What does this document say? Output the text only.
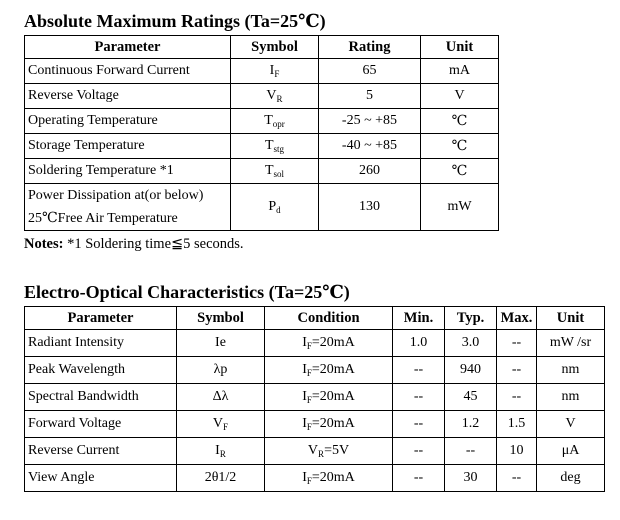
Absolute Maximum Ratings (Ta=25℃)
Parameter	Symbol	Rating	Unit
Continuous Forward Current	$I_F$	65	mA
Reverse Voltage	$V_R$	5	V
Operating Temperature	$T_{opr}$	-25 ~ +85	℃
Storage Temperature	$T_{stg}$	-40 ~ +85	℃
Soldering Temperature *1	$T_{sol}$	260	℃
Power Dissipation at(or below)
25℃Free Air Temperature	$P_d$	130	mW
Notes: *1 Soldering time≦5 seconds.
Electro-Optical Characteristics (Ta=25℃)
Parameter	Symbol	Condition	Min.	Typ.	Max.	Unit
Radiant Intensity	Ie	$I_F=20mA$	1.0	3.0	--	mW /sr
Peak Wavelength	λp	$I_F=20mA$	--	940	--	nm
Spectral Bandwidth	Δλ	$I_F=20mA$	--	45	--	nm
Forward Voltage	$V_F$	$I_F=20mA$	--	1.2	1.5	V
Reverse Current	$I_R$	$V_R=5V$	--	--	10	μA
View Angle	2θ1/2	$I_F=20mA$	--	30	--	deg
